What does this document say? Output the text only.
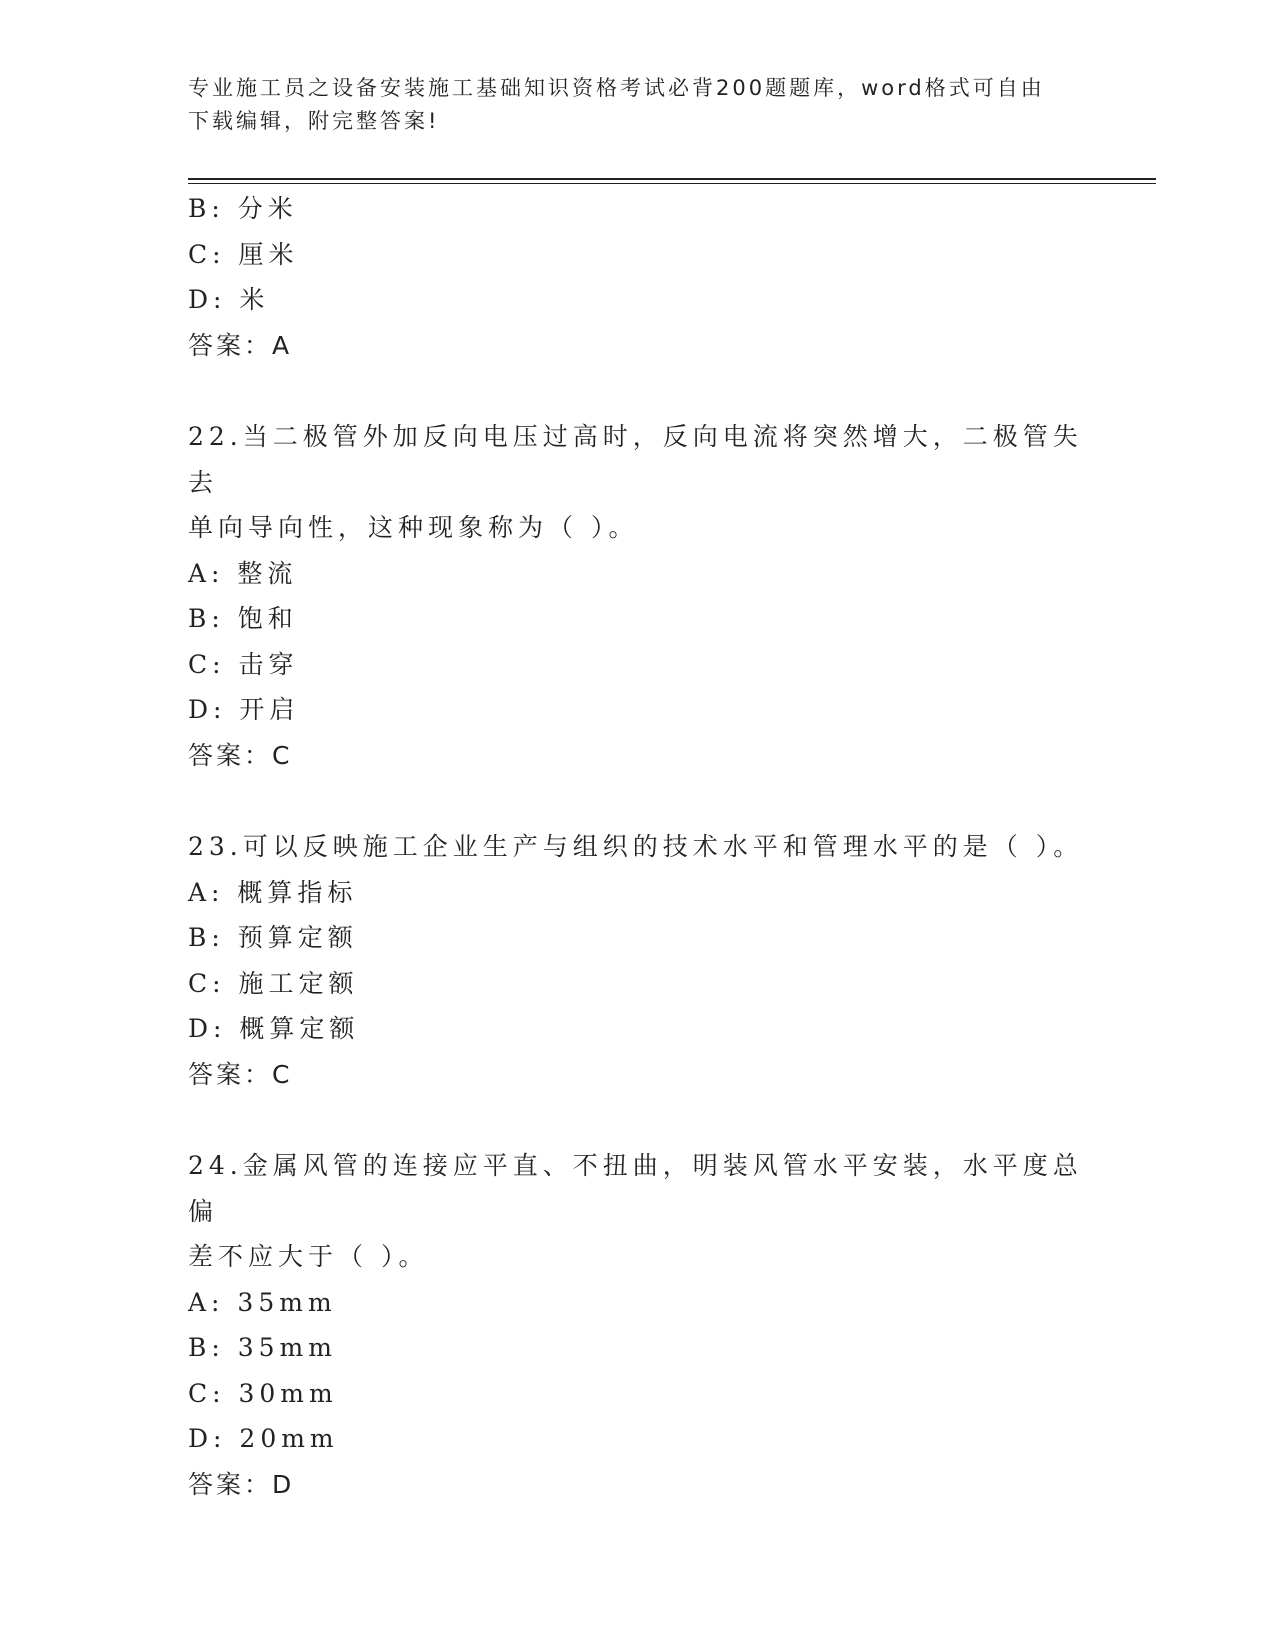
专业施工员之设备安装施工基础知识资格考试必背200题题库，word格式可自由
下载编辑，附完整答案!
B: 分米
C: 厘米
D: 米
答案：A
22.当二极管外加反向电压过高时，反向电流将突然增大，二极管失去
单向导向性，这种现象称为（ ）。
A: 整流
B: 饱和
C: 击穿
D: 开启
答案：C
23.可以反映施工企业生产与组织的技术水平和管理水平的是（ ）。
A: 概算指标
B: 预算定额
C: 施工定额
D: 概算定额
答案：C
24.金属风管的连接应平直、不扭曲，明装风管水平安装，水平度总偏
差不应大于（ ）。
A: 35mm
B: 35mm
C: 30mm
D: 20mm
答案：D
